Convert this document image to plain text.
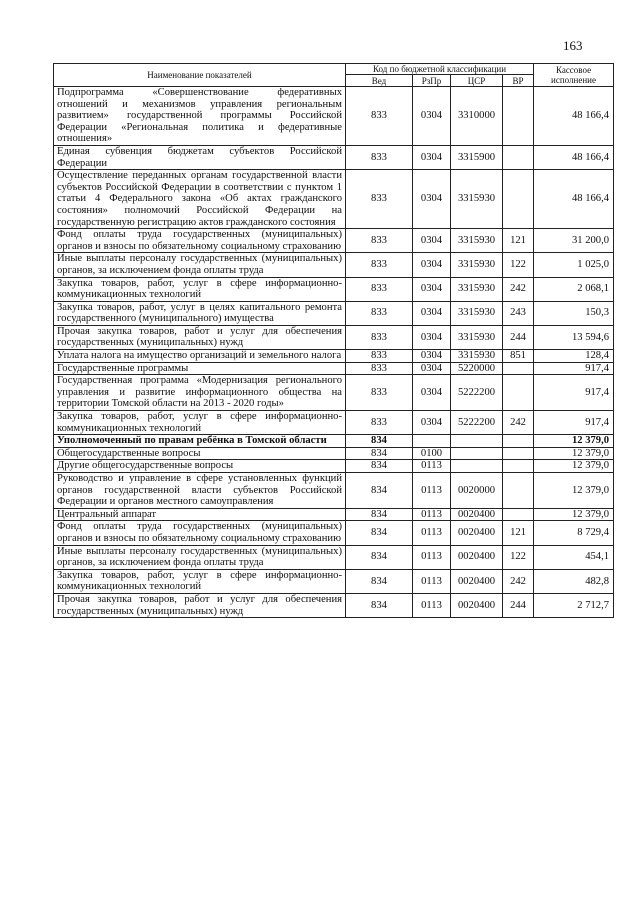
163
Наименование показателей	Код по бюджетной классификации				Кассовое исполнение
	Вед	РзПр	ЦСР	ВР	
Подпрограмма «Совершенствование федеративных отношений и механизмов управления региональным развитием» государственной программы Российской Федерации «Региональная политика и федеративные отношения»	833	0304	3310000		48 166,4
Единая субвенция бюджетам субъектов Российской Федерации	833	0304	3315900		48 166,4
Осуществление переданных органам государственной власти субъектов Российской Федерации в соответствии с пунктом 1 статьи 4 Федерального закона «Об актах гражданского состояния» полномочий Российской Федерации на государственную регистрацию актов гражданского состояния	833	0304	3315930		48 166,4
Фонд оплаты труда государственных (муниципальных) органов и взносы по обязательному социальному страхованию	833	0304	3315930	121	31 200,0
Иные выплаты персоналу государственных (муниципальных) органов, за исключением фонда оплаты труда	833	0304	3315930	122	1 025,0
Закупка товаров, работ, услуг в сфере информационно-коммуникационных технологий	833	0304	3315930	242	2 068,1
Закупка товаров, работ, услуг в целях капитального ремонта государственного (муниципального) имущества	833	0304	3315930	243	150,3
Прочая закупка товаров, работ и услуг для обеспечения государственных (муниципальных) нужд	833	0304	3315930	244	13 594,6
Уплата налога на имущество организаций и земельного налога	833	0304	3315930	851	128,4
Государственные программы	833	0304	5220000		917,4
Государственная программа «Модернизация регионального управления и развитие информационного общества на территории Томской области на 2013 - 2020 годы»	833	0304	5222200		917,4
Закупка товаров, работ, услуг в сфере информационно-коммуникационных технологий	833	0304	5222200	242	917,4
Уполномоченный по правам ребёнка в Томской области	834				12 379,0
Общегосударственные вопросы	834	0100			12 379,0
Другие общегосударственные вопросы	834	0113			12 379,0
Руководство и управление в сфере установленных функций органов государственной власти субъектов Российской Федерации и органов местного самоуправления	834	0113	0020000		12 379,0
Центральный аппарат	834	0113	0020400		12 379,0
Фонд оплаты труда государственных (муниципальных) органов и взносы по обязательному социальному страхованию	834	0113	0020400	121	8 729,4
Иные выплаты персоналу государственных (муниципальных) органов, за исключением фонда оплаты труда	834	0113	0020400	122	454,1
Закупка товаров, работ, услуг в сфере информационно-коммуникационных технологий	834	0113	0020400	242	482,8
Прочая закупка товаров, работ и услуг для обеспечения государственных (муниципальных) нужд	834	0113	0020400	244	2 712,7
